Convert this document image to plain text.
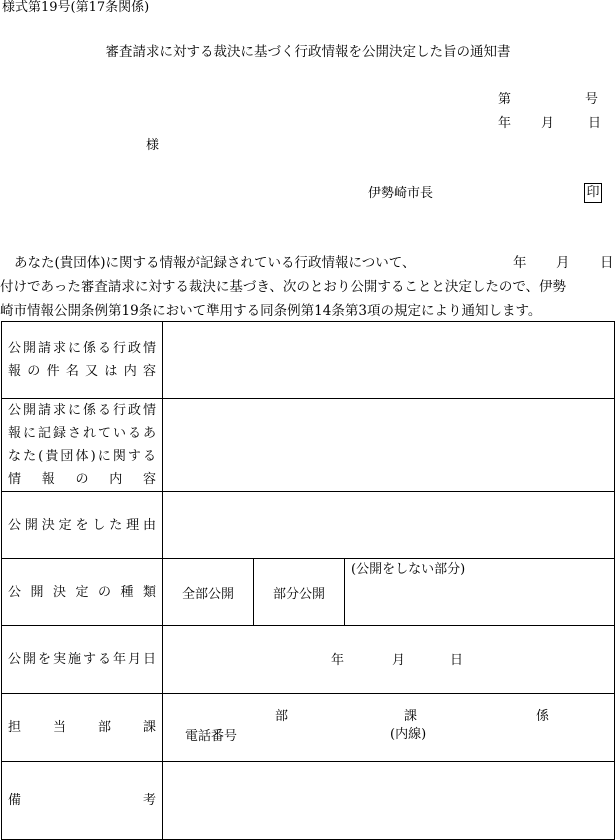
様式第19号(第17条関係)
審査請求に対する裁決に基づく行政情報を公開決定した旨の通知書
第	号
年 月	日
様
伊勢崎市長	印
あなた(貴団体)に関する情報が記録されている行政情報について、	年 月 日
付けであった審査請求に対する裁決に基づき、次のとおり公開することと決定したので、伊勢
崎市情報公開条例第19条において準用する同条例第14条第3項の規定により通知します。
公開請求に係る行政情
報の件名又は内容			

公開請求に係る行政情
報に記録されているあ
なた(貴団体)に関する
情報の内容			

公開決定をした理由			

公開決定の種類	全部公開	部分公開	(公開をしない部分)

公開を実施する年月日	年 月 日		

担当部課	部 課 係
電話番号 (内線)		

備考			
